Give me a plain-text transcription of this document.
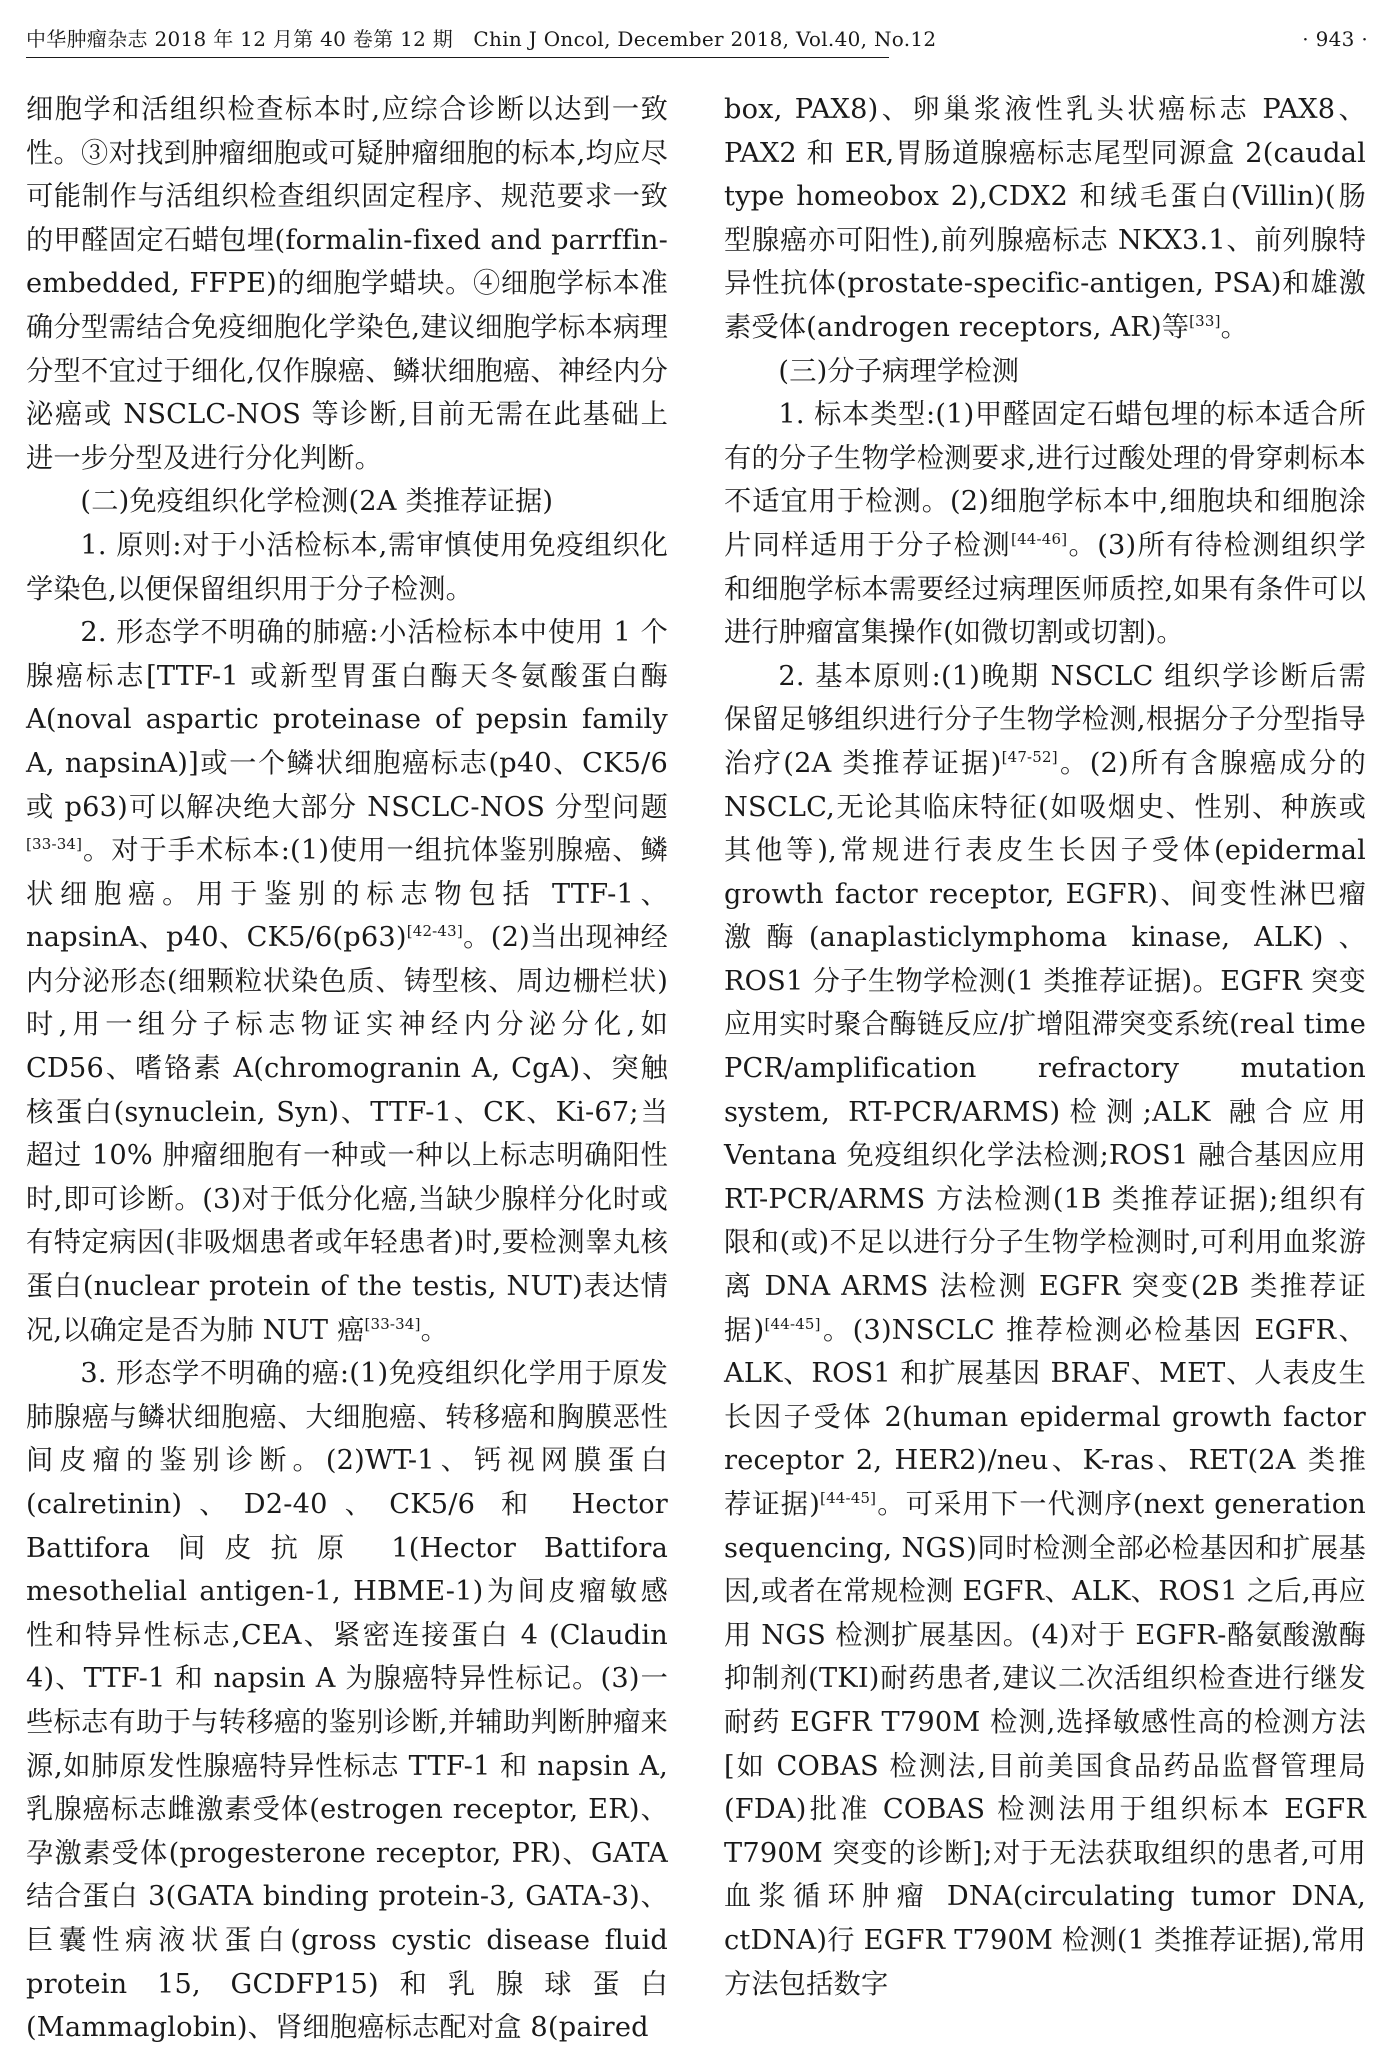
中华肿瘤杂志 2018 年 12 月第 40 卷第 12 期　Chin J Oncol, December 2018, Vol.40, No.12	· 943 ·

细胞学和活组织检查标本时,应综合诊断以达到一致性。③对找到肿瘤细胞或可疑肿瘤细胞的标本,均应尽可能制作与活组织检查组织固定程序、规范要求一致的甲醛固定石蜡包埋(formalin-fixed and parrffin-embedded, FFPE)的细胞学蜡块。④细胞学标本准确分型需结合免疫细胞化学染色,建议细胞学标本病理分型不宜过于细化,仅作腺癌、鳞状细胞癌、神经内分泌癌或 NSCLC-NOS 等诊断,目前无需在此基础上进一步分型及进行分化判断。

(二)免疫组织化学检测(2A 类推荐证据)

1. 原则:对于小活检标本,需审慎使用免疫组织化学染色,以便保留组织用于分子检测。

2. 形态学不明确的肺癌:小活检标本中使用 1 个腺癌标志[TTF-1 或新型胃蛋白酶天冬氨酸蛋白酶 A(noval aspartic proteinase of pepsin family A, napsinA)]或一个鳞状细胞癌标志(p40、CK5/6 或 p63)可以解决绝大部分 NSCLC-NOS 分型问题[33-34]。对于手术标本:(1)使用一组抗体鉴别腺癌、鳞状细胞癌。用于鉴别的标志物包括 TTF-1、napsinA、p40、CK5/6(p63)[42-43]。(2)当出现神经内分泌形态(细颗粒状染色质、铸型核、周边栅栏状)时,用一组分子标志物证实神经内分泌分化,如 CD56、嗜铬素 A(chromogranin A, CgA)、突触核蛋白(synuclein, Syn)、TTF-1、CK、Ki-67;当超过 10% 肿瘤细胞有一种或一种以上标志明确阳性时,即可诊断。(3)对于低分化癌,当缺少腺样分化时或有特定病因(非吸烟患者或年轻患者)时,要检测睾丸核蛋白(nuclear protein of the testis, NUT)表达情况,以确定是否为肺 NUT 癌[33-34]。

3. 形态学不明确的癌:(1)免疫组织化学用于原发肺腺癌与鳞状细胞癌、大细胞癌、转移癌和胸膜恶性间皮瘤的鉴别诊断。(2)WT-1、钙视网膜蛋白(calretinin)、D2-40、CK5/6 和 Hector Battifora 间皮抗原 1(Hector Battifora mesothelial antigen-1, HBME-1)为间皮瘤敏感性和特异性标志,CEA、紧密连接蛋白 4 (Claudin 4)、TTF-1 和 napsin A 为腺癌特异性标记。(3)一些标志有助于与转移癌的鉴别诊断,并辅助判断肿瘤来源,如肺原发性腺癌特异性标志 TTF-1 和 napsin A,乳腺癌标志雌激素受体(estrogen receptor, ER)、孕激素受体(progesterone receptor, PR)、GATA 结合蛋白 3(GATA binding protein-3, GATA-3)、巨囊性病液状蛋白(gross cystic disease fluid protein 15, GCDFP15)和乳腺球蛋白(Mammaglobin)、肾细胞癌标志配对盒 8(paired

box, PAX8)、卵巢浆液性乳头状癌标志 PAX8、PAX2 和 ER,胃肠道腺癌标志尾型同源盒 2(caudal type homeobox 2),CDX2 和绒毛蛋白(Villin)(肠型腺癌亦可阳性),前列腺癌标志 NKX3.1、前列腺特异性抗体(prostate-specific-antigen, PSA)和雄激素受体(androgen receptors, AR)等[33]。

(三)分子病理学检测

1. 标本类型:(1)甲醛固定石蜡包埋的标本适合所有的分子生物学检测要求,进行过酸处理的骨穿刺标本不适宜用于检测。(2)细胞学标本中,细胞块和细胞涂片同样适用于分子检测[44-46]。(3)所有待检测组织学和细胞学标本需要经过病理医师质控,如果有条件可以进行肿瘤富集操作(如微切割或切割)。

2. 基本原则:(1)晚期 NSCLC 组织学诊断后需保留足够组织进行分子生物学检测,根据分子分型指导治疗(2A 类推荐证据)[47-52]。(2)所有含腺癌成分的 NSCLC,无论其临床特征(如吸烟史、性别、种族或其他等),常规进行表皮生长因子受体(epidermal growth factor receptor, EGFR)、间变性淋巴瘤激酶(anaplasticlymphoma kinase, ALK)、ROS1 分子生物学检测(1 类推荐证据)。EGFR 突变应用实时聚合酶链反应/扩增阻滞突变系统(real time PCR/amplification refractory mutation system, RT-PCR/ARMS)检测;ALK 融合应用 Ventana 免疫组织化学法检测;ROS1 融合基因应用 RT-PCR/ARMS 方法检测(1B 类推荐证据);组织有限和(或)不足以进行分子生物学检测时,可利用血浆游离 DNA ARMS 法检测 EGFR 突变(2B 类推荐证据)[44-45]。(3)NSCLC 推荐检测必检基因 EGFR、ALK、ROS1 和扩展基因 BRAF、MET、人表皮生长因子受体 2(human epidermal growth factor receptor 2, HER2)/neu、K-ras、RET(2A 类推荐证据)[44-45]。可采用下一代测序(next generation sequencing, NGS)同时检测全部必检基因和扩展基因,或者在常规检测 EGFR、ALK、ROS1 之后,再应用 NGS 检测扩展基因。(4)对于 EGFR-酪氨酸激酶抑制剂(TKI)耐药患者,建议二次活组织检查进行继发耐药 EGFR T790M 检测,选择敏感性高的检测方法[如 COBAS 检测法,目前美国食品药品监督管理局(FDA)批准 COBAS 检测法用于组织标本 EGFR T790M 突变的诊断];对于无法获取组织的患者,可用血浆循环肿瘤 DNA(circulating tumor DNA, ctDNA)行 EGFR T790M 检测(1 类推荐证据),常用方法包括数字
